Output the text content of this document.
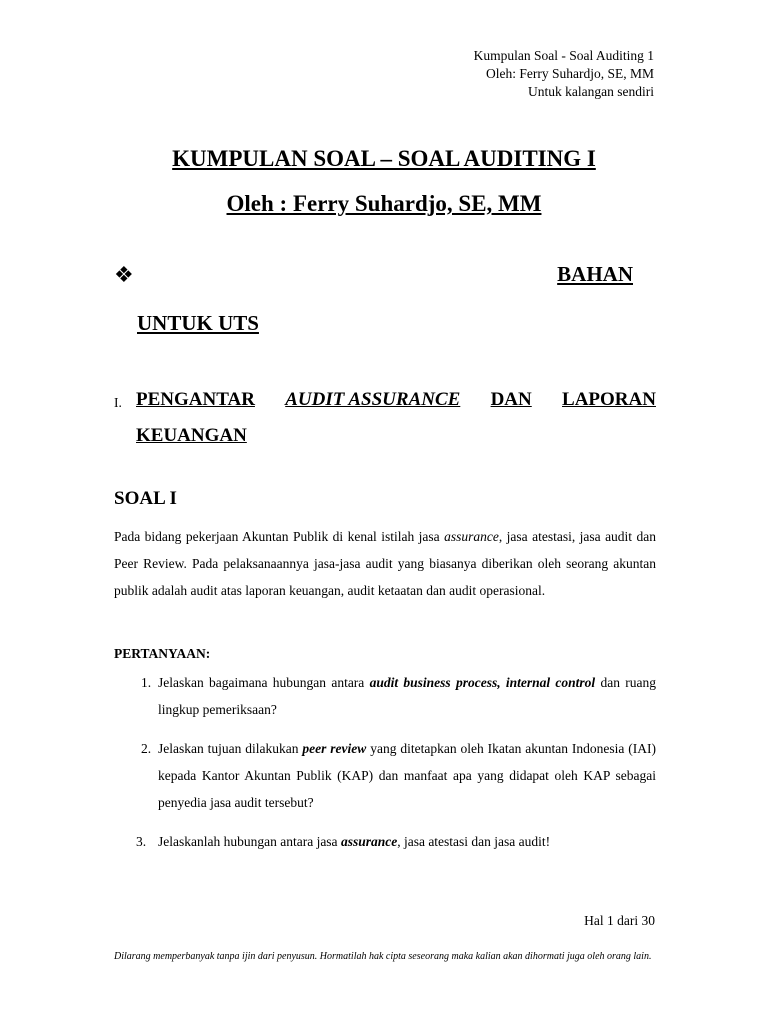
Kumpulan Soal - Soal Auditing 1
Oleh: Ferry Suhardjo, SE, MM
Untuk kalangan sendiri
KUMPULAN SOAL – SOAL AUDITING I
Oleh : Ferry Suhardjo, SE, MM
❖	BAHAN
UNTUK UTS
I. PENGANTAR AUDIT ASSURANCE DAN LAPORAN
KEUANGAN
SOAL I
Pada bidang pekerjaan Akuntan Publik di kenal istilah jasa assurance, jasa atestasi, jasa audit dan Peer Review. Pada pelaksanaannya jasa-jasa audit yang biasanya diberikan oleh seorang akuntan publik adalah audit atas laporan keuangan, audit ketaatan dan audit operasional.
PERTANYAAN:
1. Jelaskan bagaimana hubungan antara audit business process, internal control dan ruang lingkup pemeriksaan?
2. Jelaskan tujuan dilakukan peer review yang ditetapkan oleh Ikatan akuntan Indonesia (IAI) kepada Kantor Akuntan Publik (KAP) dan manfaat apa yang didapat oleh KAP sebagai penyedia jasa audit tersebut?
3. Jelaskanlah hubungan antara jasa assurance, jasa atestasi dan jasa audit!
Hal 1 dari 30
Dilarang memperbanyak tanpa ijin dari penyusun. Hormatilah hak cipta seseorang maka kalian akan dihormati juga oleh orang lain.
